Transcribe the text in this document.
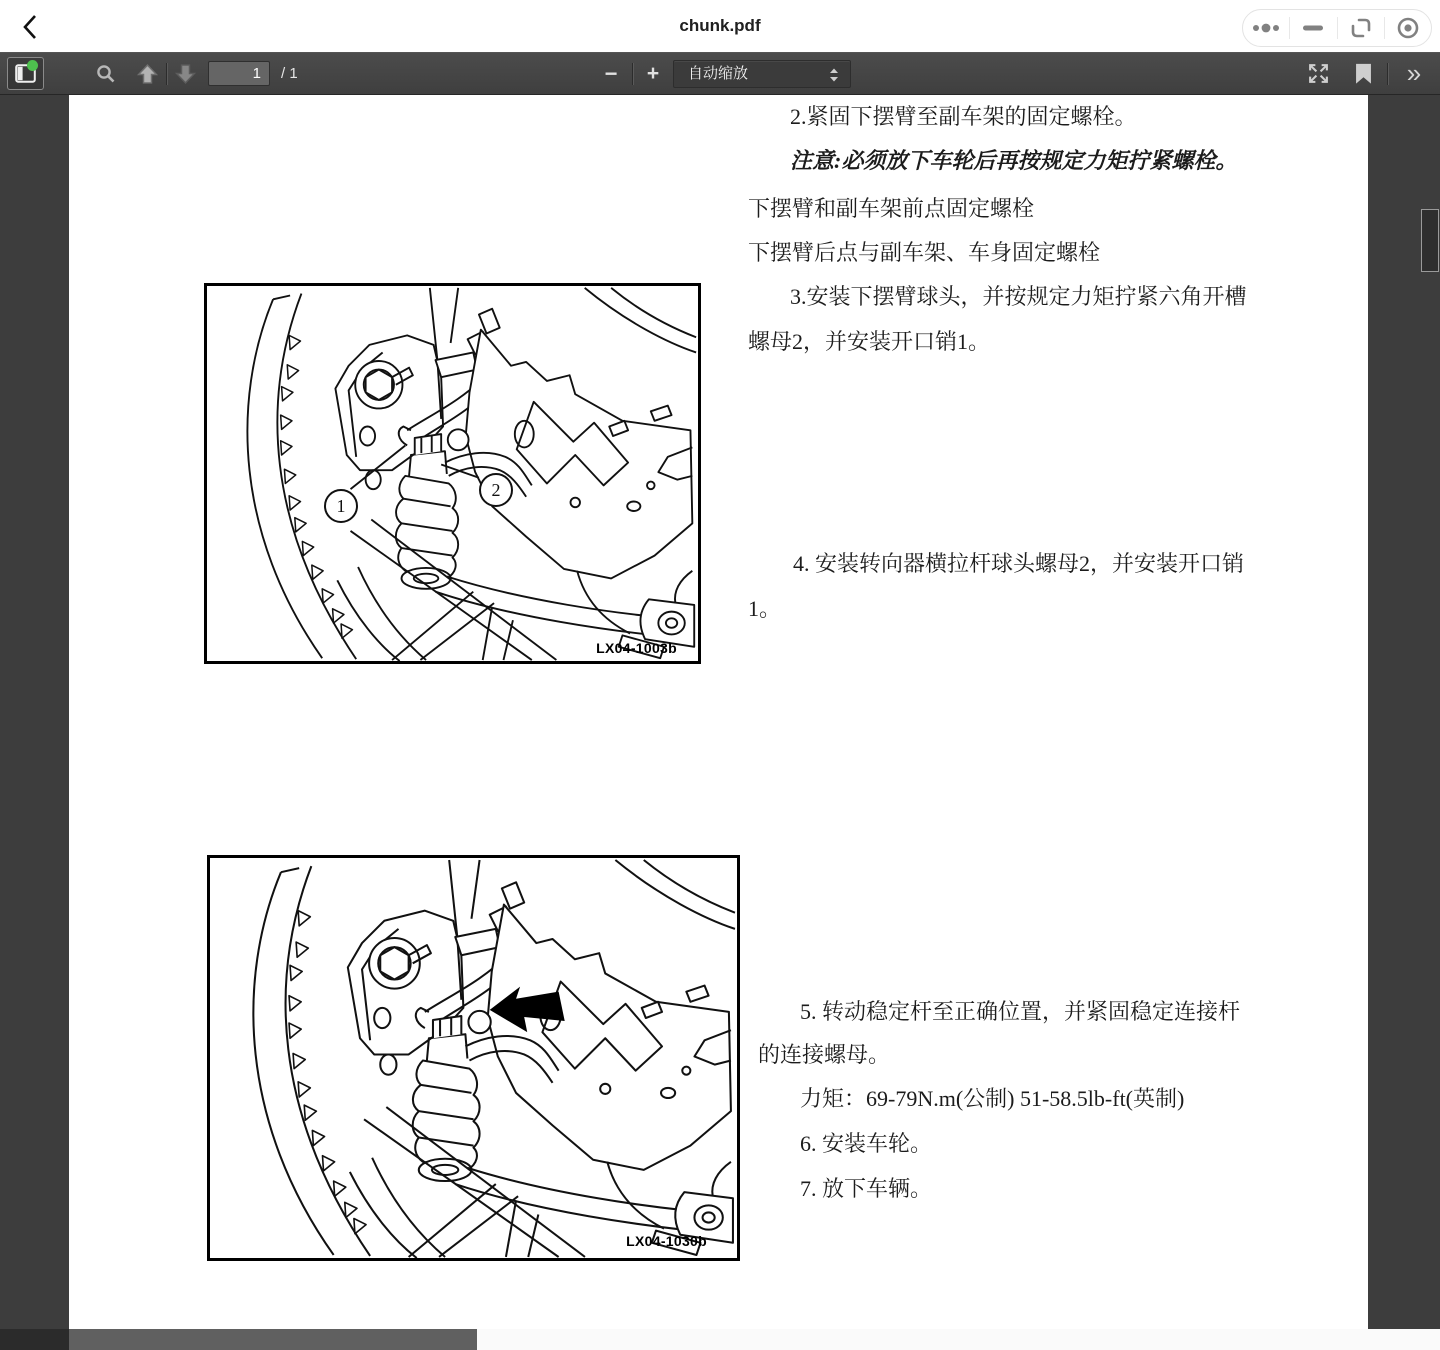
chunk.pdf
1
/ 1	−	+	自动缩放	»
2.紧固下摆臂至副车架的固定螺栓。
注意:必须放下车轮后再按规定力矩拧紧螺栓。
下摆臂和副车架前点固定螺栓
下摆臂后点与副车架、车身固定螺栓
3.安装下摆臂球头，并按规定力矩拧紧六角开槽
螺母2，并安装开口销1。
4. 安装转向器横拉杆球头螺母2，并安装开口销
1。
5. 转动稳定杆至正确位置，并紧固稳定连接杆
的连接螺母。
力矩：69-79N.m(公制) 51-58.5lb-ft(英制)
6. 安装车轮。
7. 放下车辆。
1
2
LX04-1003b
LX04-1030b
